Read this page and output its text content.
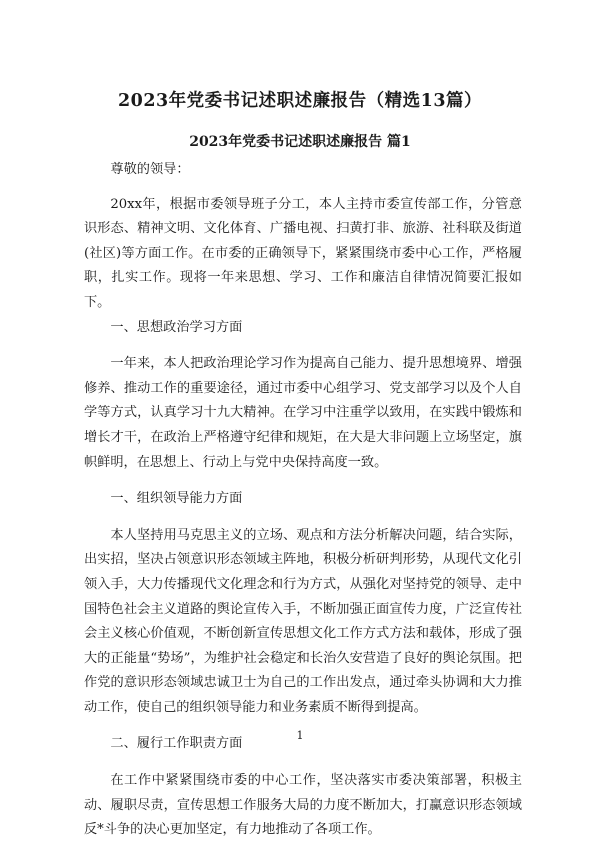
2023年党委书记述职述廉报告（精选13篇）
2023年党委书记述职述廉报告 篇1

尊敬的领导：

20xx年，根据市委领导班子分工，本人主持市委宣传部工作，分管意识形态、精神文明、文化体育、广播电视、扫黄打非、旅游、社科联及街道(社区)等方面工作。在市委的正确领导下，紧紧围绕市委中心工作，严格履职，扎实工作。现将一年来思想、学习、工作和廉洁自律情况简要汇报如下。

一、思想政治学习方面

一年来，本人把政治理论学习作为提高自己能力、提升思想境界、增强修养、推动工作的重要途径，通过市委中心组学习、党支部学习以及个人自学等方式，认真学习十九大精神。在学习中注重学以致用，在实践中锻炼和增长才干，在政治上严格遵守纪律和规矩，在大是大非问题上立场坚定，旗帜鲜明，在思想上、行动上与党中央保持高度一致。

一、组织领导能力方面

本人坚持用马克思主义的立场、观点和方法分析解决问题，结合实际，出实招，坚决占领意识形态领域主阵地，积极分析研判形势，从现代文化引领入手，大力传播现代文化理念和行为方式，从强化对坚持党的领导、走中国特色社会主义道路的舆论宣传入手，不断加强正面宣传力度，广泛宣传社会主义核心价值观，不断创新宣传思想文化工作方式方法和载体，形成了强大的正能量“势场”，为维护社会稳定和长治久安营造了良好的舆论氛围。把作党的意识形态领域忠诚卫士为自己的工作出发点，通过牵头协调和大力推动工作，使自己的组织领导能力和业务素质不断得到提高。

二、履行工作职责方面

在工作中紧紧围绕市委的中心工作，坚决落实市委决策部署，积极主动、履职尽责，宣传思想工作服务大局的力度不断加大，打赢意识形态领域反*斗争的决心更加坚定，有力地推动了各项工作。

1
